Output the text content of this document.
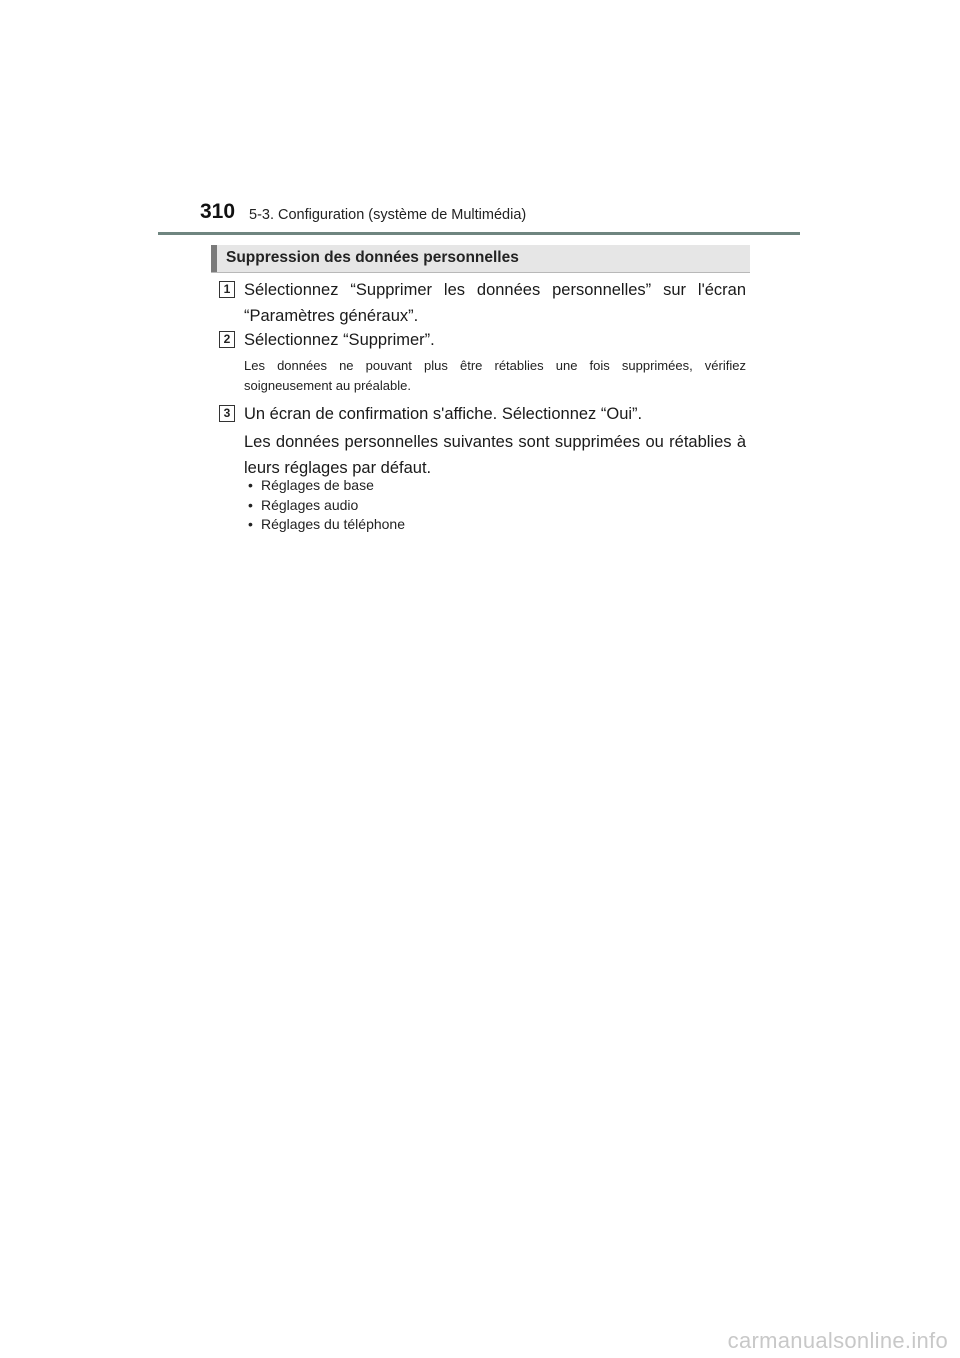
310 5-3. Configuration (système de Multimédia)
Suppression des données personnelles
1 Sélectionnez “Supprimer les données personnelles” sur l'écran “Paramètres généraux”.
2 Sélectionnez “Supprimer”.
Les données ne pouvant plus être rétablies une fois supprimées, vérifiez soigneusement au préalable.
3 Un écran de confirmation s'affiche. Sélectionnez “Oui”.
Les données personnelles suivantes sont supprimées ou rétablies à leurs réglages par défaut.
• Réglages de base
• Réglages audio
• Réglages du téléphone
carmanualsonline.info
